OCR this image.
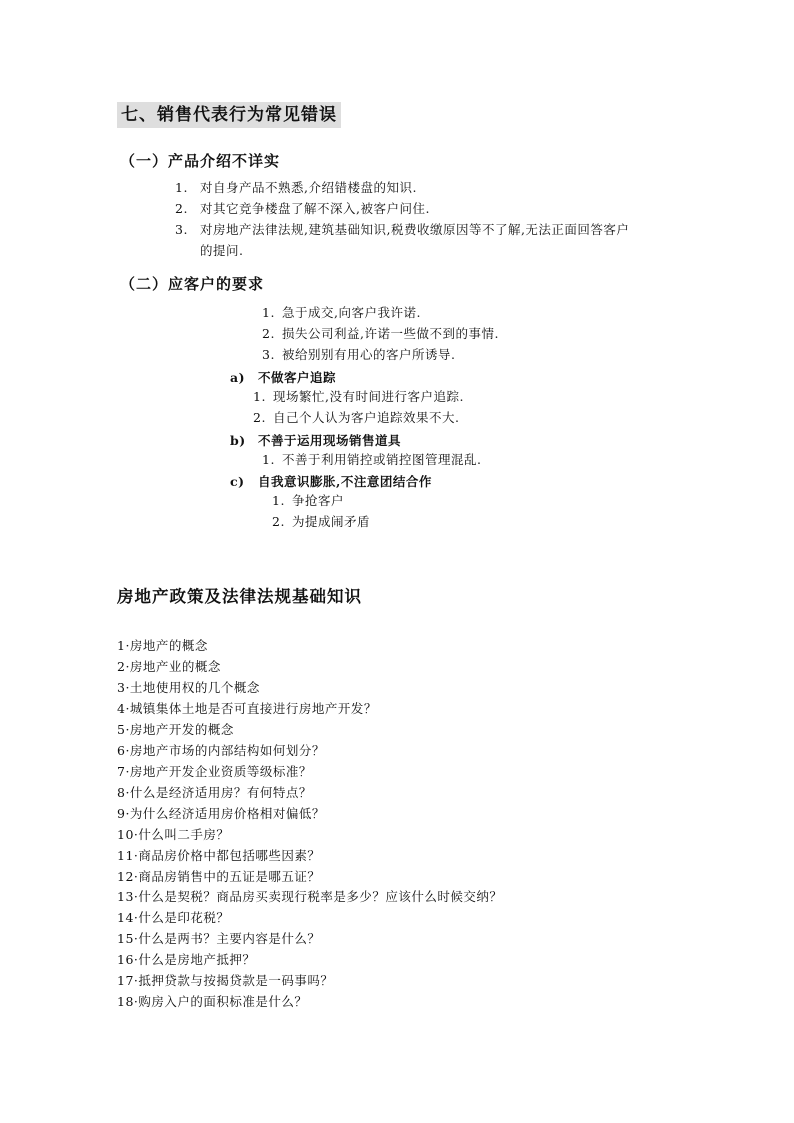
七、销售代表行为常见错误
（一）产品介绍不详实
1. 对自身产品不熟悉,介绍错楼盘的知识.
2. 对其它竞争楼盘了解不深入,被客户问住.
3. 对房地产法律法规,建筑基础知识,税费收缴原因等不了解,无法正面回答客户
的提问.
（二）应客户的要求
1. 急于成交,向客户我许诺.
2. 损失公司利益,许诺一些做不到的事情.
3. 被给别别有用心的客户所诱导.
a) 不做客户追踪
1. 现场繁忙,没有时间进行客户追踪.
2. 自己个人认为客户追踪效果不大.
b) 不善于运用现场销售道具
1. 不善于利用销控或销控图管理混乱.
c) 自我意识膨胀,不注意团结合作
1. 争抢客户
2. 为提成闹矛盾
房地产政策及法律法规基础知识
1·房地产的概念
2·房地产业的概念
3·土地使用权的几个概念
4·城镇集体土地是否可直接进行房地产开发？
5·房地产开发的概念
6·房地产市场的内部结构如何划分？
7·房地产开发企业资质等级标准？
8·什么是经济适用房？有何特点？
9·为什么经济适用房价格相对偏低？
10·什么叫二手房？
11·商品房价格中都包括哪些因素？
12·商品房销售中的五证是哪五证？
13·什么是契税？商品房买卖现行税率是多少？应该什么时候交纳？
14·什么是印花税？
15·什么是两书？主要内容是什么？
16·什么是房地产抵押？
17·抵押贷款与按揭贷款是一码事吗？
18·购房入户的面积标准是什么？
